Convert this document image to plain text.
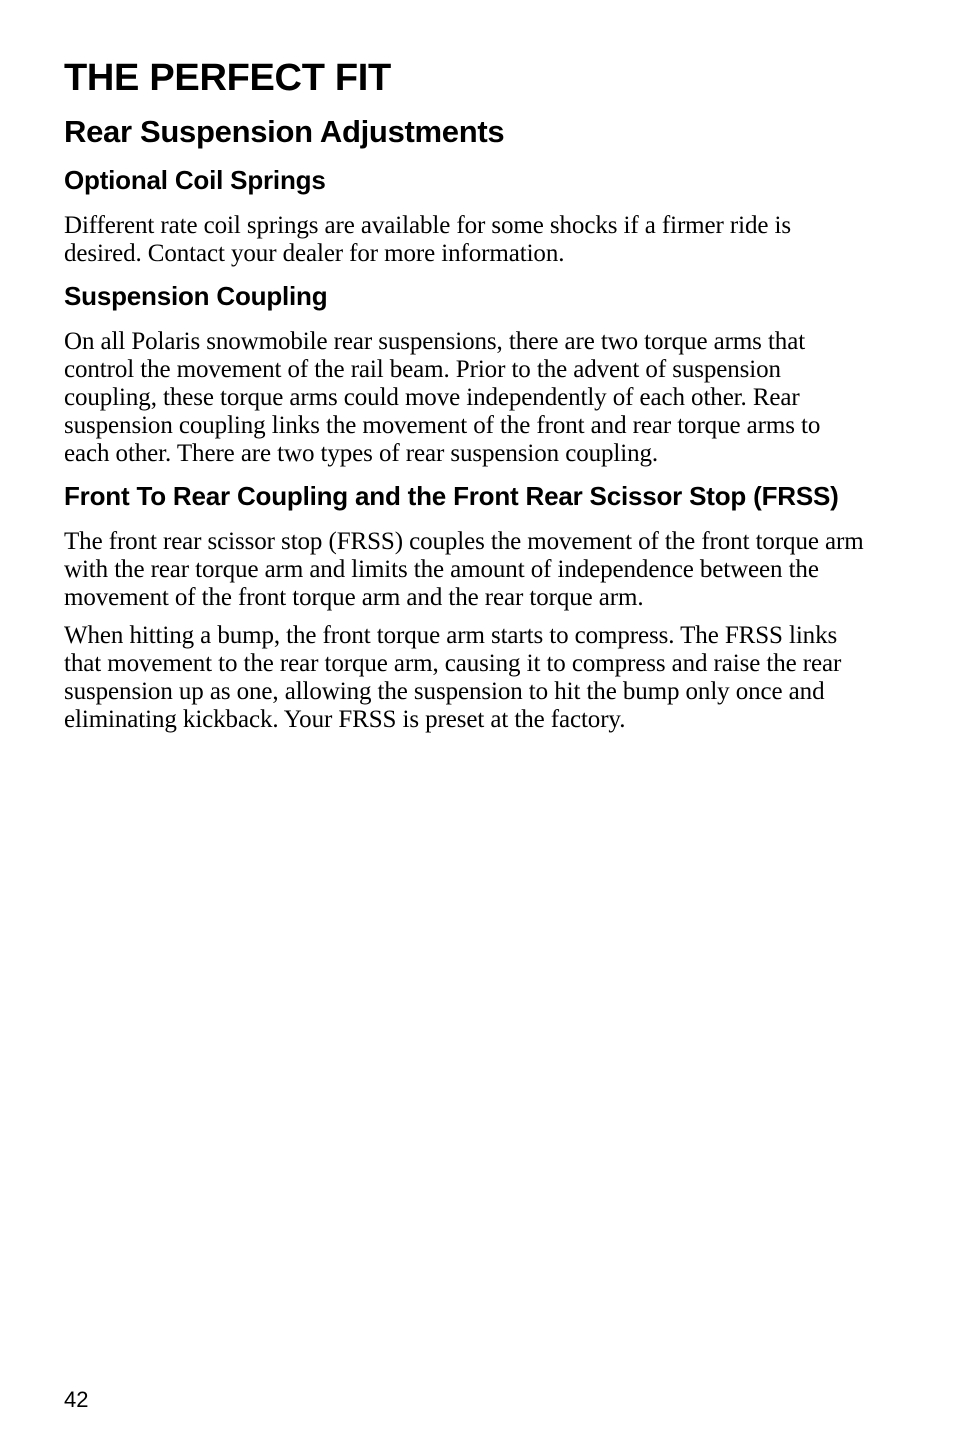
THE PERFECT FIT
Rear Suspension Adjustments
Optional Coil Springs

Different rate coil springs are available for some shocks if a firmer ride is desired. Contact your dealer for more information.

Suspension Coupling

On all Polaris snowmobile rear suspensions, there are two torque arms that control the movement of the rail beam. Prior to the advent of suspension coupling, these torque arms could move independently of each other. Rear suspension coupling links the movement of the front and rear torque arms to each other. There are two types of rear suspension coupling.

Front To Rear Coupling and the Front Rear Scissor Stop (FRSS)

The front rear scissor stop (FRSS) couples the movement of the front torque arm with the rear torque arm and limits the amount of independence between the movement of the front torque arm and the rear torque arm.

When hitting a bump, the front torque arm starts to compress. The FRSS links that movement to the rear torque arm, causing it to compress and raise the rear suspension up as one, allowing the suspension to hit the bump only once and eliminating kickback. Your FRSS is preset at the factory.

42
